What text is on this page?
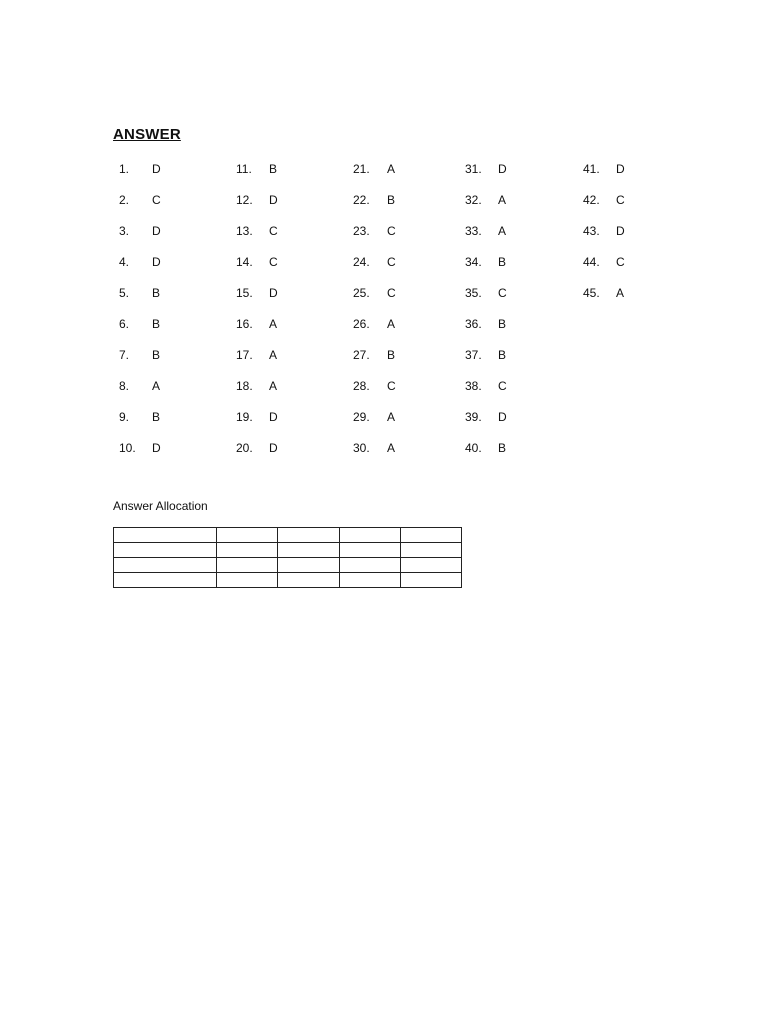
ANSWER
1.	D
2.	C
3.	D
4.	D
5.	B
6.	B
7.	B
8.	A
9.	B
10.	D
11.	B
12.	D
13.	C
14.	C
15.	D
16.	A
17.	A
18.	A
19.	D
20.	D
21.	A
22.	B
23.	C
24.	C
25.	C
26.	A
27.	B
28.	C
29.	A
30.	A
31.	D
32.	A
33.	A
34.	B
35.	C
36.	B
37.	B
38.	C
39.	D
40.	B
41.	D
42.	C
43.	D
44.	C
45.	A
Answer Allocation
